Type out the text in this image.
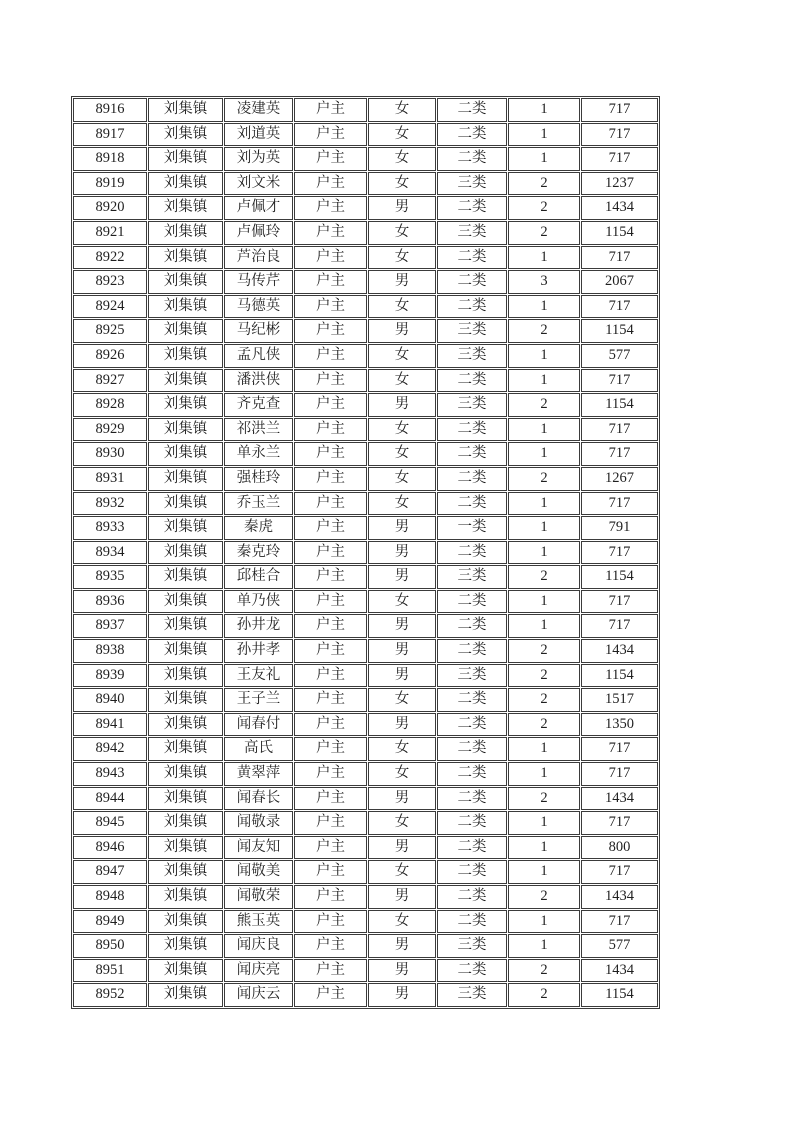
8916	刘集镇	凌建英	户主	女	二类	1	717
8917	刘集镇	刘道英	户主	女	二类	1	717
8918	刘集镇	刘为英	户主	女	二类	1	717
8919	刘集镇	刘文米	户主	女	三类	2	1237
8920	刘集镇	卢佩才	户主	男	二类	2	1434
8921	刘集镇	卢佩玲	户主	女	三类	2	1154
8922	刘集镇	芦治良	户主	女	二类	1	717
8923	刘集镇	马传芹	户主	男	二类	3	2067
8924	刘集镇	马德英	户主	女	二类	1	717
8925	刘集镇	马纪彬	户主	男	三类	2	1154
8926	刘集镇	孟凡侠	户主	女	三类	1	577
8927	刘集镇	潘洪侠	户主	女	二类	1	717
8928	刘集镇	齐克查	户主	男	三类	2	1154
8929	刘集镇	祁洪兰	户主	女	二类	1	717
8930	刘集镇	单永兰	户主	女	二类	1	717
8931	刘集镇	强桂玲	户主	女	二类	2	1267
8932	刘集镇	乔玉兰	户主	女	二类	1	717
8933	刘集镇	秦虎	户主	男	一类	1	791
8934	刘集镇	秦克玲	户主	男	二类	1	717
8935	刘集镇	邱桂合	户主	男	三类	2	1154
8936	刘集镇	单乃侠	户主	女	二类	1	717
8937	刘集镇	孙井龙	户主	男	二类	1	717
8938	刘集镇	孙井孝	户主	男	二类	2	1434
8939	刘集镇	王友礼	户主	男	三类	2	1154
8940	刘集镇	王子兰	户主	女	二类	2	1517
8941	刘集镇	闻春付	户主	男	二类	2	1350
8942	刘集镇	高氏	户主	女	二类	1	717
8943	刘集镇	黄翠萍	户主	女	二类	1	717
8944	刘集镇	闻春长	户主	男	二类	2	1434
8945	刘集镇	闻敬录	户主	女	二类	1	717
8946	刘集镇	闻友知	户主	男	二类	1	800
8947	刘集镇	闻敬美	户主	女	二类	1	717
8948	刘集镇	闻敬荣	户主	男	二类	2	1434
8949	刘集镇	熊玉英	户主	女	二类	1	717
8950	刘集镇	闻庆良	户主	男	三类	1	577
8951	刘集镇	闻庆亮	户主	男	二类	2	1434
8952	刘集镇	闻庆云	户主	男	三类	2	1154
